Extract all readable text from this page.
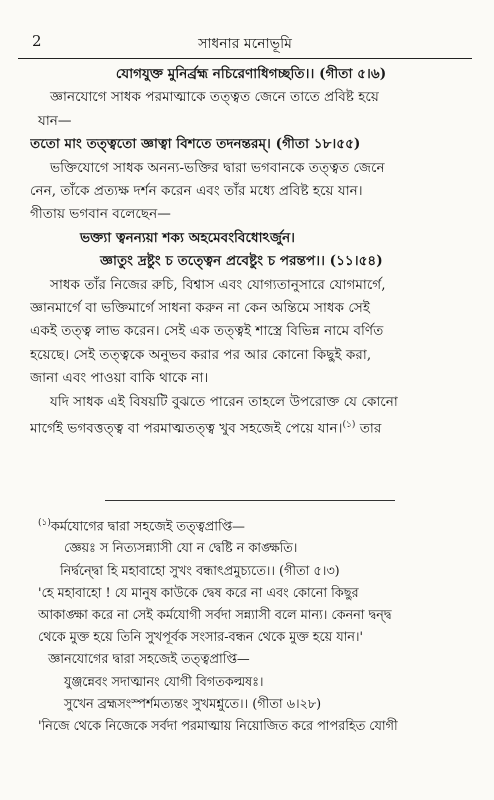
2	সাধনার মনোভূমি
যোগযুক্ত মুনির্ব্রহ্ম নচিরেণাধিগচ্ছতি।। (গীতা ৫।৬)
জ্ঞানযোগে সাধক পরমাত্মাকে তত্ত্বত জেনে তাতে প্রবিষ্ট হয়ে
যান—
ততো মাং তত্ত্বতো জ্ঞাত্বা বিশতে তদনন্তরম্। (গীতা ১৮।৫৫)
ভক্তিযোগে সাধক অনন্য-ভক্তির দ্বারা ভগবানকে তত্ত্বত জেনে
নেন, তাঁকে প্রত্যক্ষ দর্শন করেন এবং তাঁর মধ্যে প্রবিষ্ট হয়ে যান।
গীতায় ভগবান বলেছেন—
ভক্ত্যা ত্বনন্যয়া শক্য অহমেবংবিধোঽর্জুন।
জ্ঞাতুং দ্রষ্টুং চ তত্ত্বেন প্রবেষ্টুং চ পরন্তপ।। (১১।৫৪)
সাধক তাঁর নিজের রুচি, বিশ্বাস এবং যোগ্যতানুসারে যোগমার্গে,
জ্ঞানমার্গে বা ভক্তিমার্গে সাধনা করুন না কেন অন্তিমে সাধক সেই
একই তত্ত্ব লাভ করেন। সেই এক তত্ত্বই শাস্ত্রে বিভিন্ন নামে বর্ণিত
হয়েছে। সেই তত্ত্বকে অনুভব করার পর আর কোনো কিছুই করা,
জানা এবং পাওয়া বাকি থাকে না।
যদি সাধক এই বিষয়টি বুঝতে পারেন তাহলে উপরোক্ত যে কোনো
মার্গেই ভগবত্তত্ত্ব বা পরমাত্মতত্ত্ব খুব সহজেই পেয়ে যান।$^{(১)}$ তার
$^{(১)}$কর্মযোগের দ্বারা সহজেই তত্ত্বপ্রাপ্তি—
জ্ঞেয়ঃ স নিত্যসন্ন্যাসী যো ন দ্বেষ্টি ন কাঙ্ক্ষতি।
নির্দ্বন্দ্বো হি মহাবাহো সুখং বন্ধাৎপ্রমুচ্যতে।। (গীতা ৫।৩)
'হে মহাবাহো ! যে মানুষ কাউকে দ্বেষ করে না এবং কোনো কিছুর
আকাঙ্ক্ষা করে না সেই কর্মযোগী সর্বদা সন্ন্যাসী বলে মান্য। কেননা দ্বন্দ্ব
থেকে মুক্ত হয়ে তিনি সুখপূর্বক সংসার-বন্ধন থেকে মুক্ত হয়ে যান।'
জ্ঞানযোগের দ্বারা সহজেই তত্ত্বপ্রাপ্তি—
যুঞ্জন্নেবং সদাত্মানং যোগী বিগতকল্মষঃ।
সুখেন ব্রহ্মসংস্পর্শমত্যন্তং সুখমশ্নুতে।। (গীতা ৬।২৮)
'নিজে থেকে নিজেকে সর্বদা পরমাত্মায় নিয়োজিত করে পাপরহিত যোগী
